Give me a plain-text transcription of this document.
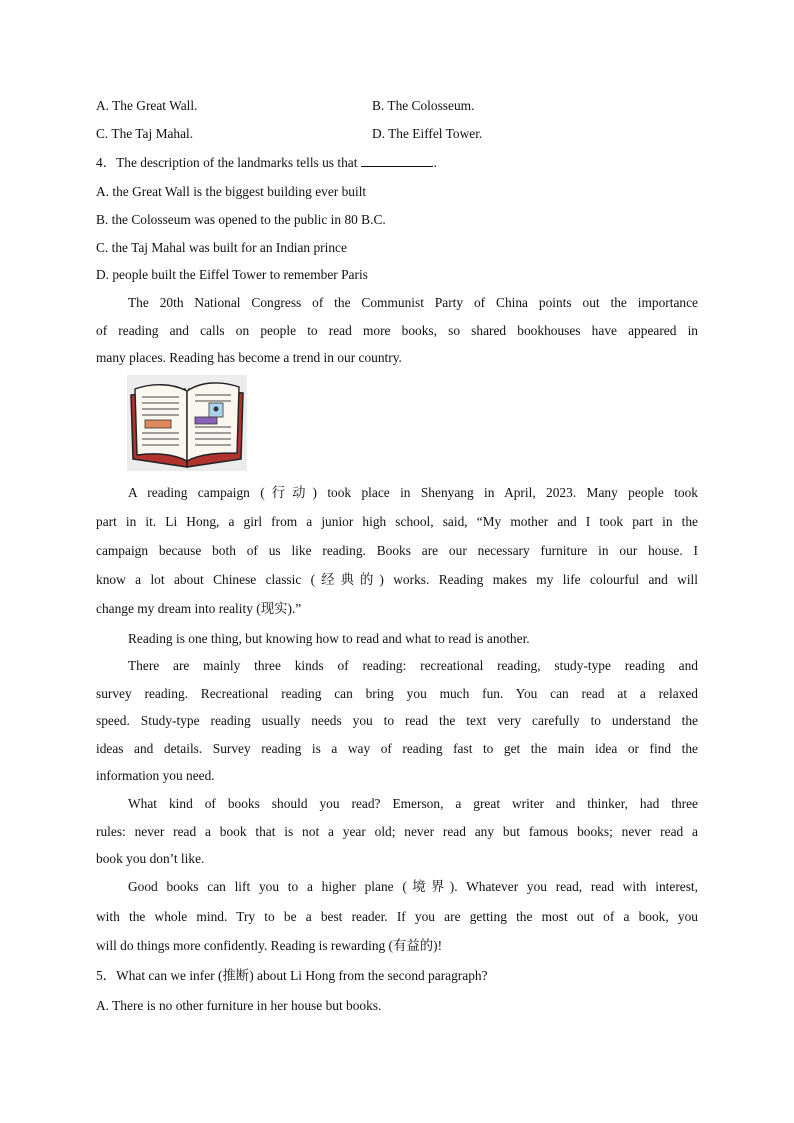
A. The Great Wall.	B. The Colosseum.
C. The Taj Mahal.	D. The Eiffel Tower.
4．The description of the landmarks tells us that	.
A. the Great Wall is the biggest building ever built
B. the Colosseum was opened to the public in 80 B.C.
C. the Taj Mahal was built for an Indian prince
D. people built the Eiffel Tower to remember Paris
The 20th National Congress of the Communist Party of China points out the importance
of reading and calls on people to read more books, so shared bookhouses have appeared in
many places. Reading has become a trend in our country.
A reading campaign (行动) took place in Shenyang in April, 2023. Many people took
part in it. Li Hong, a girl from a junior high school, said, “My mother and I took part in the
campaign because both of us like reading. Books are our necessary furniture in our house. I
know a lot about Chinese classic (经典的) works. Reading makes my life colourful and will
change my dream into reality (现实).”
Reading is one thing, but knowing how to read and what to read is another.
There are mainly three kinds of reading: recreational reading, study-type reading and
survey reading. Recreational reading can bring you much fun. You can read at a relaxed
speed. Study-type reading usually needs you to read the text very carefully to understand the
ideas and details. Survey reading is a way of reading fast to get the main idea or find the
information you need.
What kind of books should you read? Emerson, a great writer and thinker, had three
rules: never read a book that is not a year old; never read any but famous books; never read a
book you don’t like.
Good books can lift you to a higher plane (境界). Whatever you read, read with interest,
with the whole mind. Try to be a best reader. If you are getting the most out of a book, you
will do things more confidently. Reading is rewarding (有益的)!
5．What can we infer (推断) about Li Hong from the second paragraph?
A. There is no other furniture in her house but books.
